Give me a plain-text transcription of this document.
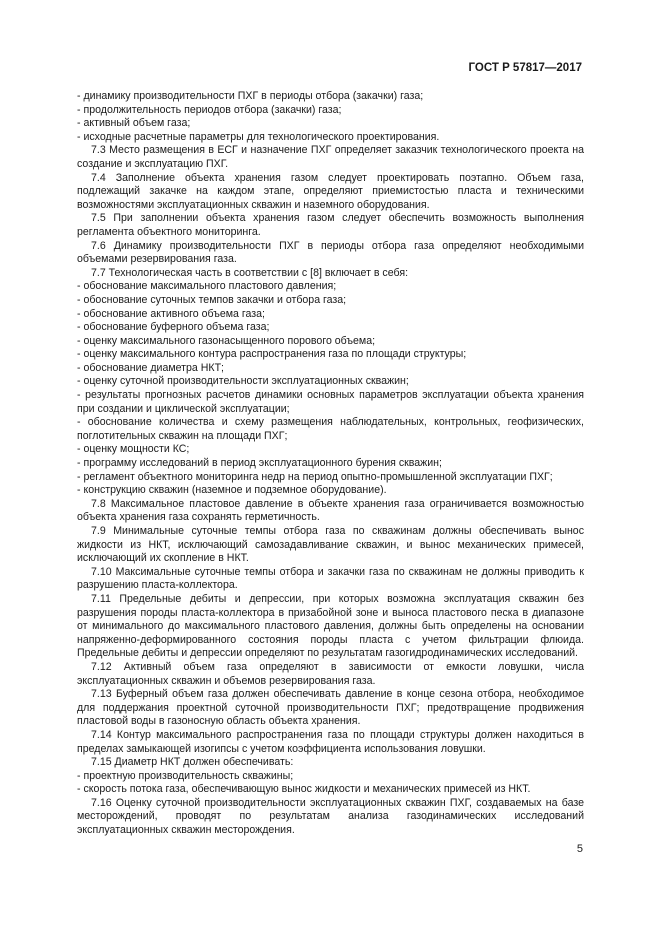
ГОСТ Р 57817—2017

- динамику производительности ПХГ в периоды отбора (закачки) газа;

- продолжительность периодов отбора (закачки) газа;

- активный объем газа;

- исходные расчетные параметры для технологического проектирования.

7.3 Место размещения в ЕСГ и назначение ПХГ определяет заказчик технологического проекта на создание и эксплуатацию ПХГ.

7.4 Заполнение объекта хранения газом следует проектировать поэтапно. Объем газа, подлежащий закачке на каждом этапе, определяют приемистостью пласта и техническими возможностями эксплуатационных скважин и наземного оборудования.

7.5 При заполнении объекта хранения газом следует обеспечить возможность выполнения регламента объектного мониторинга.

7.6 Динамику производительности ПХГ в периоды отбора газа определяют необходимыми объемами резервирования газа.

7.7 Технологическая часть в соответствии с [8] включает в себя:

- обоснование максимального пластового давления;

- обоснование суточных темпов закачки и отбора газа;

- обоснование активного объема газа;

- обоснование буферного объема газа;

- оценку максимального газонасыщенного порового объема;

- оценку максимального контура распространения газа по площади структуры;

- обоснование диаметра НКТ;

- оценку суточной производительности эксплуатационных скважин;

- результаты прогнозных расчетов динамики основных параметров эксплуатации объекта хранения при создании и циклической эксплуатации;

- обоснование количества и схему размещения наблюдательных, контрольных, геофизических, поглотительных скважин на площади ПХГ;

- оценку мощности КС;

- программу исследований в период эксплуатационного бурения скважин;

- регламент объектного мониторинга недр на период опытно-промышленной эксплуатации ПХГ;

- конструкцию скважин (наземное и подземное оборудование).

7.8 Максимальное пластовое давление в объекте хранения газа ограничивается возможностью объекта хранения газа сохранять герметичность.

7.9 Минимальные суточные темпы отбора газа по скважинам должны обеспечивать вынос жидкости из НКТ, исключающий самозадавливание скважин, и вынос механических примесей, исключающий их скопление в НКТ.

7.10 Максимальные суточные темпы отбора и закачки газа по скважинам не должны приводить к разрушению пласта-коллектора.

7.11 Предельные дебиты и депрессии, при которых возможна эксплуатация скважин без разрушения породы пласта-коллектора в призабойной зоне и выноса пластового песка в диапазоне от минимального до максимального пластового давления, должны быть определены на основании напряженно-деформированного состояния породы пласта с учетом фильтрации флюида. Предельные дебиты и депрессии определяют по результатам газогидродинамических исследований.

7.12 Активный объем газа определяют в зависимости от емкости ловушки, числа эксплуатационных скважин и объемов резервирования газа.

7.13 Буферный объем газа должен обеспечивать давление в конце сезона отбора, необходимое для поддержания проектной суточной производительности ПХГ; предотвращение продвижения пластовой воды в газоносную область объекта хранения.

7.14 Контур максимального распространения газа по площади структуры должен находиться в пределах замыкающей изогипсы с учетом коэффициента использования ловушки.

7.15 Диаметр НКТ должен обеспечивать:

- проектную производительность скважины;

- скорость потока газа, обеспечивающую вынос жидкости и механических примесей из НКТ.

7.16 Оценку суточной производительности эксплуатационных скважин ПХГ, создаваемых на базе месторождений, проводят по результатам анализа газодинамических исследований эксплуатационных скважин месторождения.

5
